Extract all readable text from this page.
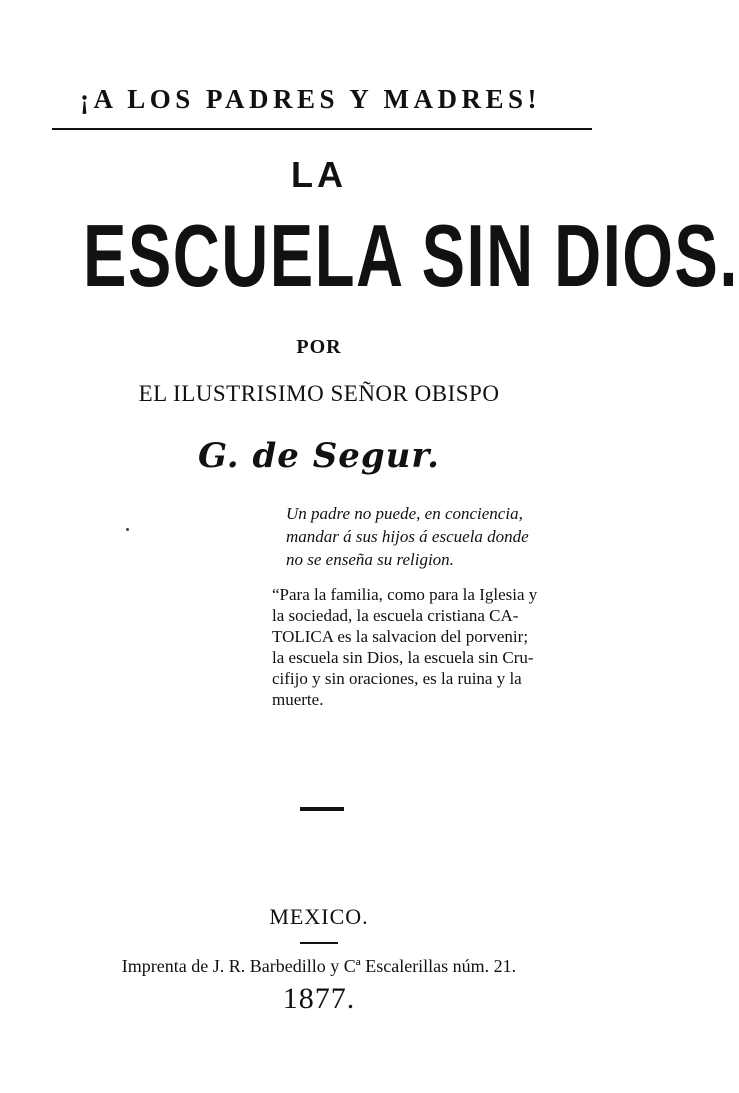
¡A LOS PADRES Y MADRES!
LA
ESCUELA SIN DIOS.
POR
EL ILUSTRISIMO SEÑOR OBISPO
G. de Segur.
Un padre no puede, en conciencia,
mandar á sus hijos á escuela donde
no se enseña su religion.
“Para la familia, como para la Iglesia y
la sociedad, la escuela cristiana CA-
TOLICA es la salvacion del porvenir;
la escuela sin Dios, la escuela sin Cru-
cifijo y sin oraciones, es la ruina y la
muerte.
MEXICO.
Imprenta de J. R. Barbedillo y Cª Escalerillas núm. 21.
1877.
